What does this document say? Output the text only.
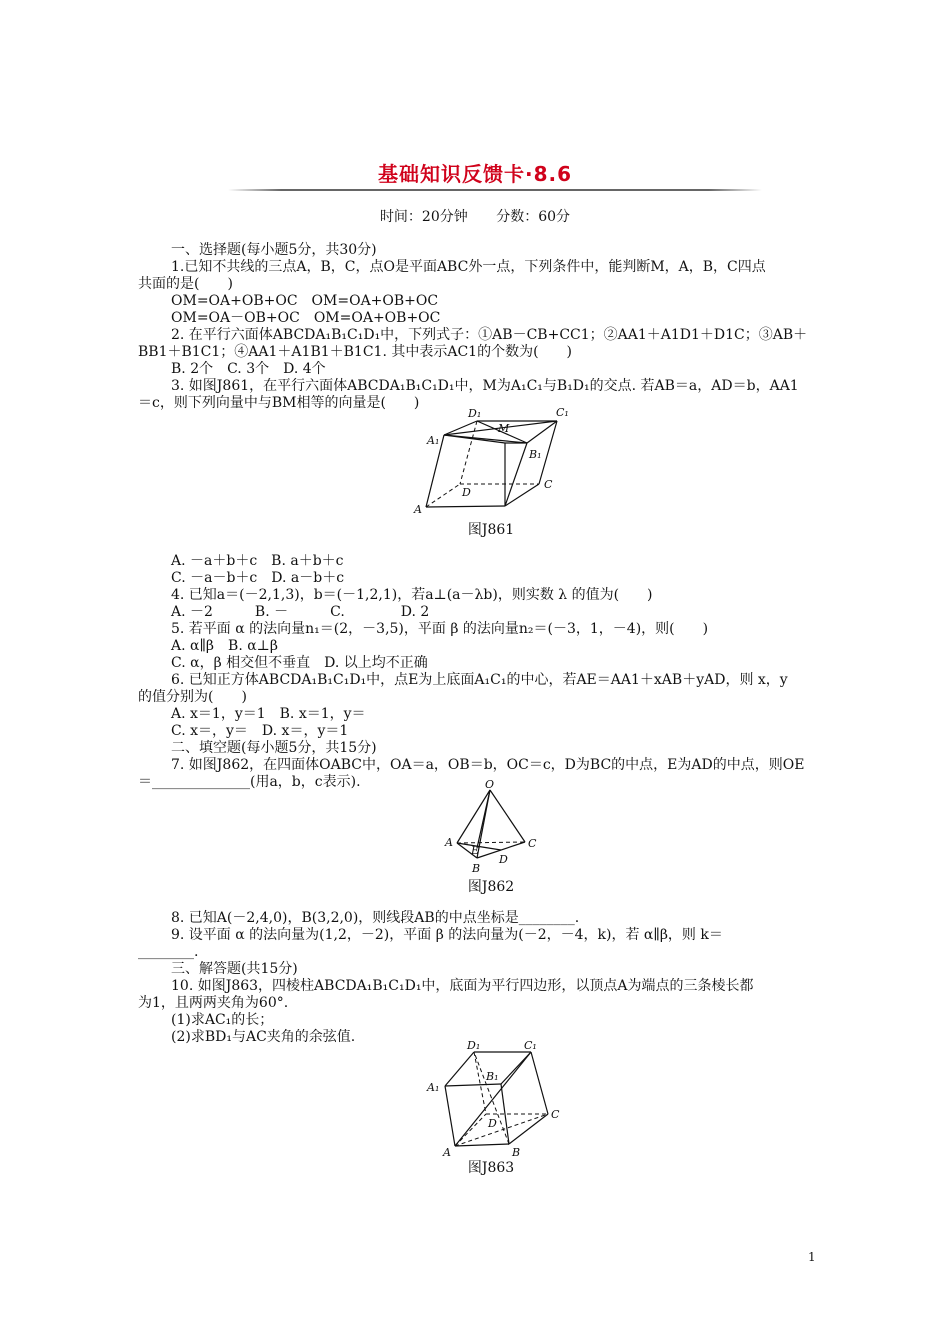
基础知识反馈卡·8.6
时间：20分钟 分数：60分
一、选择题(每小题5分，共30分)
1.已知不共线的三点A，B，C，点O是平面ABC外一点，下列条件中，能判断M，A，B，C四点
共面的是(　　)
OM=OA+OB+OC　OM=OA+OB+OC
OM=OA－OB+OC　OM=OA+OB+OC
2. 在平行六面体ABCDA₁B₁C₁D₁中，下列式子：①AB－CB+CC1；②AA1＋A1D1＋D1C；③AB＋
BB1＋B1C1；④AA1＋A1B1＋B1C1. 其中表示AC1的个数为(　　)
B. 2个　C. 3个　D. 4个
3. 如图J861，在平行六面体ABCDA₁B₁C₁D₁中，M为A₁C₁与B₁D₁的交点. 若AB＝a，AD＝b，AA1
＝c，则下列向量中与BM相等的向量是(　　)
D₁	C₁
A₁
M
B₁
D
C
A
图J861
A. －a＋b＋c　B. a＋b＋c
C. －a－b＋c　D. a－b＋c
4. 已知a＝(－2,1,3)，b＝(－1,2,1)，若a⊥(a－λb)，则实数 λ 的值为(　　)
A. －2　　　B. －　　　C.　　　　D. 2
5. 若平面 α 的法向量n₁＝(2，－3,5)，平面 β 的法向量n₂＝(－3，1，－4)，则(　　)
A. α∥β　B. α⊥β
C. α，β 相交但不垂直　D. 以上均不正确
6. 已知正方体ABCDA₁B₁C₁D₁中，点E为上底面A₁C₁的中心，若AE＝AA1＋xAB＋yAD，则 x，y
的值分别为(　　)
A. x＝1，y＝1　B. x＝1，y＝
C. x＝，y＝　D. x＝，y＝1
二、填空题(每小题5分，共15分)
7. 如图J862，在四面体OABC中，OA＝a，OB＝b，OC＝c，D为BC的中点，E为AD的中点，则OE
＝______________(用a，b，c表示).	O
A	C
E
D
B
图J862
8. 已知A(－2,4,0)，B(3,2,0)，则线段AB的中点坐标是________.
9. 设平面 α 的法向量为(1,2，－2)，平面 β 的法向量为(－2，－4，k)，若 α∥β，则 k＝
________.
三、解答题(共15分)
10. 如图J863，四棱柱ABCDA₁B₁C₁D₁中，底面为平行四边形，以顶点A为端点的三条棱长都
为1，且两两夹角为60°.
(1)求AC₁的长；
(2)求BD₁与AC夹角的余弦值.
D₁	C₁
A₁
B₁
D
C
A	B
图J863
1
